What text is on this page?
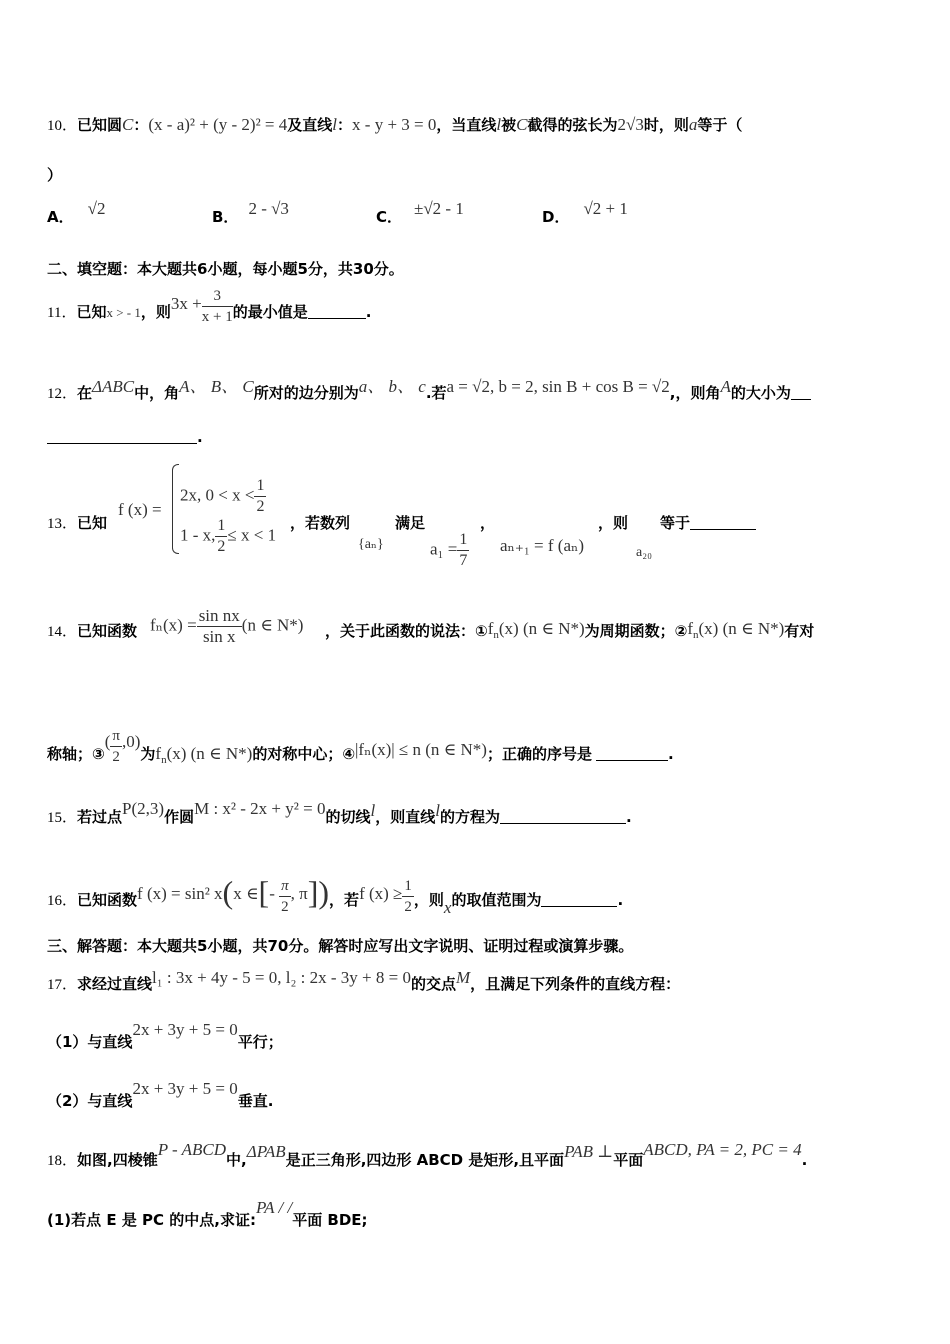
10．已知圆C：(x - a)² + (y - 2)² = 4及直线l：x - y + 3 = 0，当直线l被C截得的弦长为2√3时，则a等于（
）
A． √2	B． 2 - √3	C． ±√2 - 1	D． √2 + 1
二、填空题：本大题共6小题，每小题5分，共30分。
11．已知x > - 1，则$3x + \frac{3}{x + 1}$ 的最小值是	.
12．在ΔABC中，角A、 B、 C所对的边分别为a、 b、 c.若a = √2, b = 2, sin B + cos B = √2,，则角A的大小为
.
13．已知
f (x) =
2x, $0 < x < \frac{1}{2}$
1 - x, $\frac{1}{2} \le x < 1$
，若数列
{aₙ}
满足
$a_1 = \frac{1}{7}$
，
aₙ₊₁ = f (aₙ)
，则
a₂₀
等于
14．已知函数 $f_n(x) = \frac{\text{sin nx}}{\text{sin x}} (n$ ∈ N*) ，关于此函数的说法：$①f_n(x)$ (n ∈ N*)为周期函数；$②f_n(x)$ (n ∈ N*)有对
称轴；③( $\frac{\pi}{2} ,0$)为$f_n(x)$ (n ∈ N*)的对称中心；④|fₙ(x)| ≤ n (n ∈ N*)；正确的序号是	.
15．若过点P(2,3)作圆M : x² - 2x + y² = 0的切线l，则直线l的方程为	.
16．已知函数f (x) = sin² x(x ∈[- $\frac{\pi}{2}$ , π])，若f $(x) \ge \frac{1}{2}$ ，则x的取值范围为	.
三、解答题：本大题共5小题，共70分。解答时应写出文字说明、证明过程或演算步骤。
17．求经过直线l₁ : 3x + 4y - 5 = 0, l₂ : 2x - 3y + 8 = 0的交点M，且满足下列条件的直线方程：
（1）与直线2x + 3y + 5 = 0平行；
（2）与直线2x + 3y + 5 = 0垂直.
18．如图,四棱锥P - ABCD中,ΔPAB是正三角形,四边形 ABCD 是矩形,且平面PAB ⊥平面ABCD, PA = 2, PC = 4.
(1)若点 E 是 PC 的中点,求证:PA / /平面 BDE;
